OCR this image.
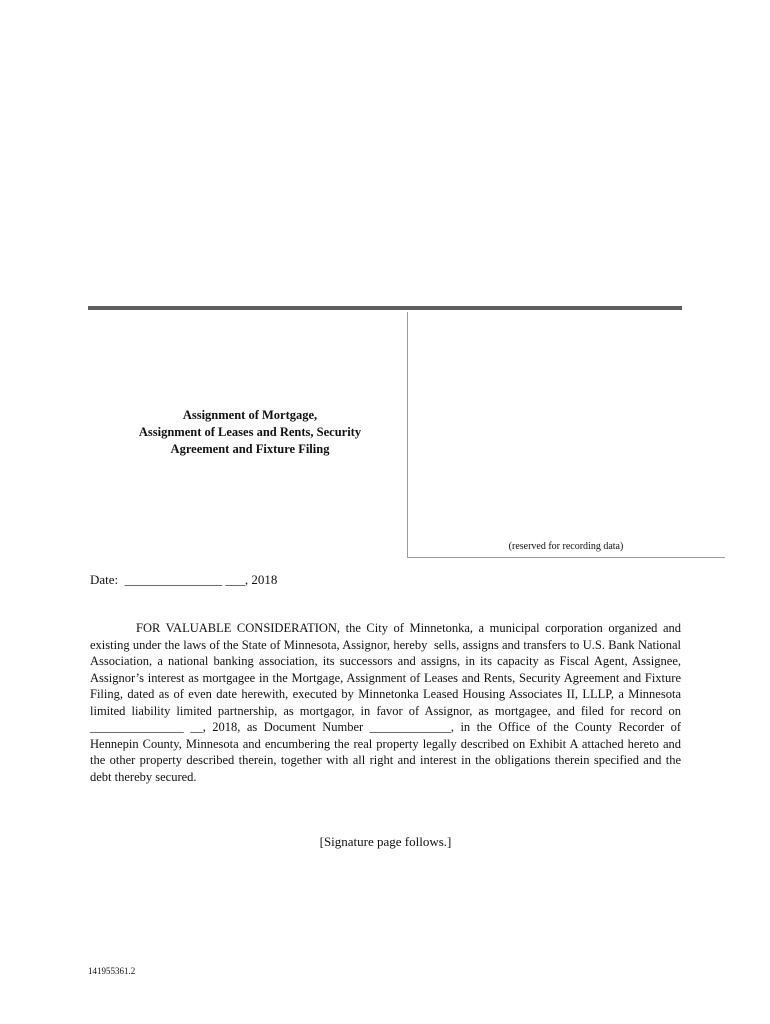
Assignment of Mortgage,
Assignment of Leases and Rents, Security
Agreement and Fixture Filing
(reserved for recording data)
Date:  _______________ ___, 2018

FOR VALUABLE CONSIDERATION, the City of Minnetonka, a municipal corporation organized and existing under the laws of the State of Minnesota, Assignor, hereby  sells, assigns and transfers to U.S. Bank National Association, a national banking association, its successors and assigns, in its capacity as Fiscal Agent, Assignee, Assignor’s interest as mortgagee in the Mortgage, Assignment of Leases and Rents, Security Agreement and Fixture Filing, dated as of even date herewith, executed by Minnetonka Leased Housing Associates II, LLLP, a Minnesota limited liability limited partnership, as mortgagor, in favor of Assignor, as mortgagee, and filed for record on _______________ __, 2018, as Document Number _____________, in the Office of the County Recorder of Hennepin County, Minnesota and encumbering the real property legally described on Exhibit A attached hereto and the other property described therein, together with all right and interest in the obligations therein specified and the debt thereby secured.

[Signature page follows.]
141955361.2
